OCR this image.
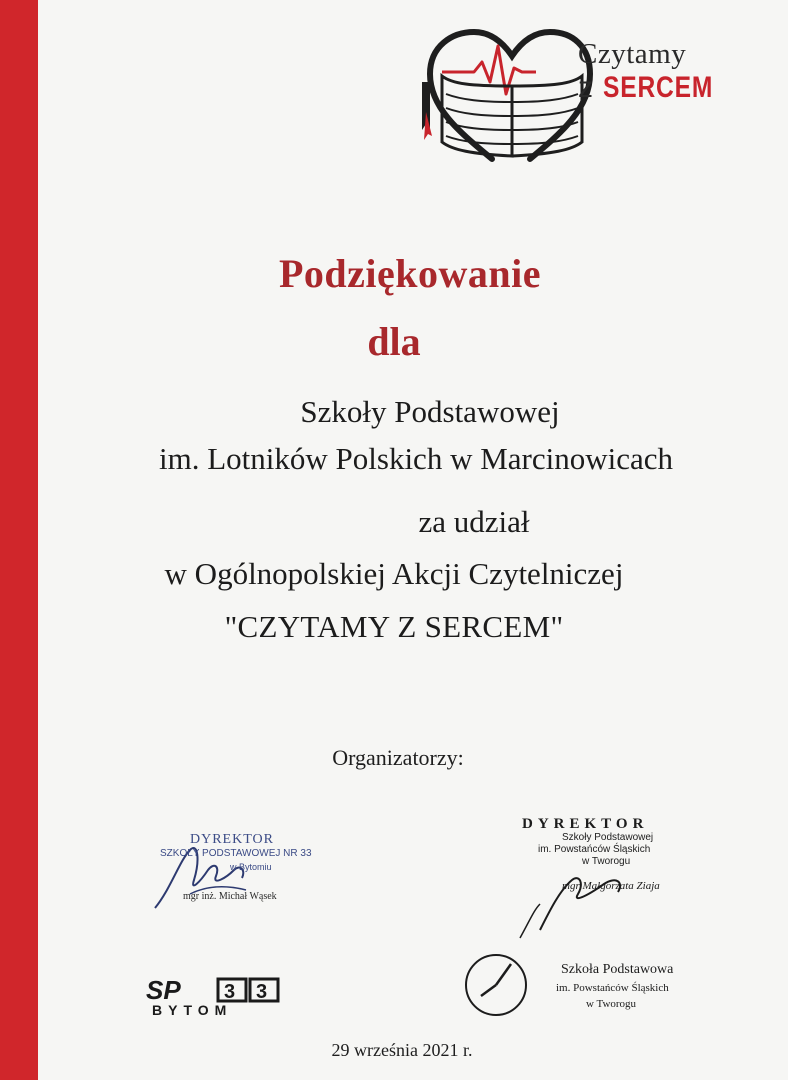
Czytamy
z SERCEM
Podziękowanie
dla
Szkoły Podstawowej
im. Lotników Polskich w Marcinowicach
za udział
w Ogólnopolskiej Akcji Czytelniczej
"CZYTAMY Z SERCEM"
Organizatorzy:
DYREKTOR
SZKOŁY PODSTAWOWEJ NR 33
w Bytomiu
mgr inż. Michał Wąsek
DYREKTOR
Szkoły Podstawowej
im. Powstańców Śląskich
w Tworogu
mgr Małgorzata Ziaja
SP 3 3
BYTOM
Szkoła Podstawowa
im. Powstańców Śląskich
w Tworogu
29 września 2021 r.
